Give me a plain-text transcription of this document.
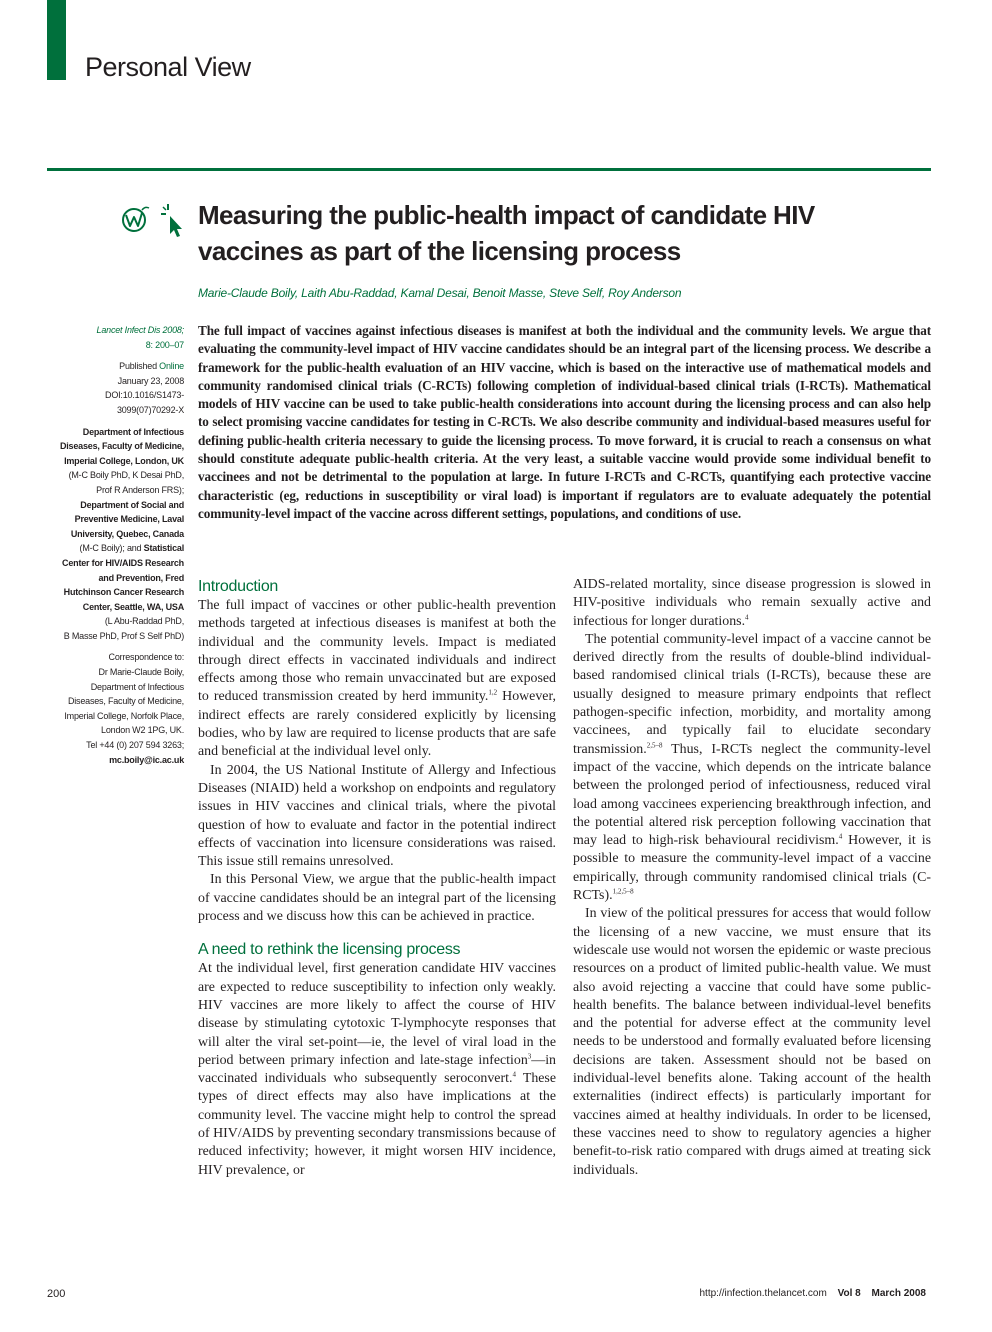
Personal View
Measuring the public-health impact of candidate HIV vaccines as part of the licensing process
Marie-Claude Boily, Laith Abu-Raddad, Kamal Desai, Benoit Masse, Steve Self, Roy Anderson
Lancet Infect Dis 2008;
8: 200–07
Published Online
January 23, 2008
DOI:10.1016/S1473-
3099(07)70292-X
Department of Infectious
Diseases, Faculty of Medicine,
Imperial College, London, UK
(M-C Boily PhD, K Desai PhD,
Prof R Anderson FRS);
Department of Social and
Preventive Medicine, Laval
University, Quebec, Canada
(M-C Boily); and Statistical
Center for HIV/AIDS Research
and Prevention, Fred
Hutchinson Cancer Research
Center, Seattle, WA, USA
(L Abu-Raddad PhD,
B Masse PhD, Prof S Self PhD)
Correspondence to:
Dr Marie-Claude Boily,
Department of Infectious
Diseases, Faculty of Medicine,
Imperial College, Norfolk Place,
London W2 1PG, UK.
Tel +44 (0) 207 594 3263;
mc.boily@ic.ac.uk
The full impact of vaccines against infectious diseases is manifest at both the individual and the community levels. We argue that evaluating the community-level impact of HIV vaccine candidates should be an integral part of the licensing process. We describe a framework for the public-health evaluation of an HIV vaccine, which is based on the interactive use of mathematical models and community randomised clinical trials (C-RCTs) following completion of individual-based clinical trials (I-RCTs). Mathematical models of HIV vaccine can be used to take public-health considerations into account during the licensing process and can also help to select promising vaccine candidates for testing in C-RCTs. We also describe community and individual-based measures useful for defining public-health criteria necessary to guide the licensing process. To move forward, it is crucial to reach a consensus on what should constitute adequate public-health criteria. At the very least, a suitable vaccine would provide some individual benefit to vaccinees and not be detrimental to the population at large. In future I-RCTs and C-RCTs, quantifying each protective vaccine characteristic (eg, reductions in susceptibility or viral load) is important if regulators are to evaluate adequately the potential community-level impact of the vaccine across different settings, populations, and conditions of use.
Introduction

The full impact of vaccines or other public-health prevention methods targeted at infectious diseases is manifest at both the individual and the community levels. Impact is mediated through direct effects in vaccinated individuals and indirect effects among those who remain unvaccinated but are exposed to reduced transmission created by herd immunity.$^{1,2}$ However, indirect effects are rarely considered explicitly by licensing bodies, who by law are required to license products that are safe and beneficial at the individual level only.

In 2004, the US National Institute of Allergy and Infectious Diseases (NIAID) held a workshop on endpoints and regulatory issues in HIV vaccines and clinical trials, where the pivotal question of how to evaluate and factor in the potential indirect effects of vaccination into licensure considerations was raised. This issue still remains unresolved.

In this Personal View, we argue that the public-health impact of vaccine candidates should be an integral part of the licensing process and we discuss how this can be achieved in practice.

A need to rethink the licensing process

At the individual level, first generation candidate HIV vaccines are expected to reduce susceptibility to infection only weakly. HIV vaccines are more likely to affect the course of HIV disease by stimulating cytotoxic T-lymphocyte responses that will alter the viral set-point—ie, the level of viral load in the period between primary infection and late-stage infection$^3$—in vaccinated individuals who subsequently seroconvert.$^4$ These types of direct effects may also have implications at the community level. The vaccine might help to control the spread of HIV/AIDS by preventing secondary transmissions because of reduced infectivity; however, it might worsen HIV incidence, HIV prevalence, or

AIDS-related mortality, since disease progression is slowed in HIV-positive individuals who remain sexually active and infectious for longer durations.$^4$

The potential community-level impact of a vaccine cannot be derived directly from the results of double-blind individual-based randomised clinical trials (I-RCTs), because these are usually designed to measure primary endpoints that reflect pathogen-specific infection, morbidity, and mortality among vaccinees, and typically fail to elucidate secondary transmission.$^{2,5-8}$ Thus, I-RCTs neglect the community-level impact of the vaccine, which depends on the intricate balance between the prolonged period of infectiousness, reduced viral load among vaccinees experiencing breakthrough infection, and the potential altered risk perception following vaccination that may lead to high-risk behavioural recidivism.$^4$ However, it is possible to measure the community-level impact of a vaccine empirically, through community randomised clinical trials (C-RCTs).$^{1,2,5-8}$

In view of the political pressures for access that would follow the licensing of a new vaccine, we must ensure that its widescale use would not worsen the epidemic or waste precious resources on a product of limited public-health value. We must also avoid rejecting a vaccine that could have some public-health benefits. The balance between individual-level benefits and the potential for adverse effect at the community level needs to be understood and formally evaluated before licensing decisions are taken. Assessment should not be based on individual-level benefits alone. Taking account of the health externalities (indirect effects) is particularly important for vaccines aimed at healthy individuals. In order to be licensed, these vaccines need to show to regulatory agencies a higher benefit-to-risk ratio compared with drugs aimed at treating sick individuals.

200	http://infection.thelancet.com Vol 8 March 2008
